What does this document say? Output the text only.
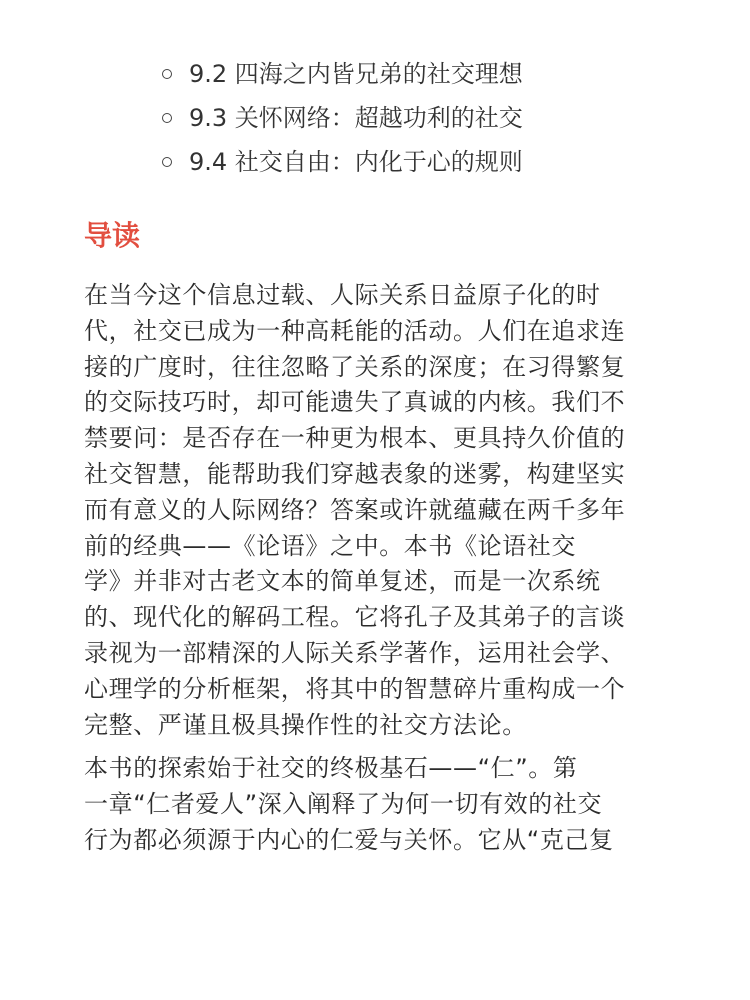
9.2 四海之内皆兄弟的社交理想
9.3 关怀网络：超越功利的社交
9.4 社交自由：内化于心的规则
导读

在当今这个信息过载、人际关系日益原子化的时
代，社交已成为一种高耗能的活动。人们在追求连
接的广度时，往往忽略了关系的深度；在习得繁复
的交际技巧时，却可能遗失了真诚的内核。我们不
禁要问：是否存在一种更为根本、更具持久价值的
社交智慧，能帮助我们穿越表象的迷雾，构建坚实
而有意义的人际网络？答案或许就蕴藏在两千多年
前的经典——《论语》之中。本书《论语社交
学》并非对古老文本的简单复述，而是一次系统
的、现代化的解码工程。它将孔子及其弟子的言谈
录视为一部精深的人际关系学著作，运用社会学、
心理学的分析框架，将其中的智慧碎片重构成一个
完整、严谨且极具操作性的社交方法论。

本书的探索始于社交的终极基石——“仁”。第
一章“仁者爱人”深入阐释了为何一切有效的社交
行为都必须源于内心的仁爱与关怀。它从“克己复
